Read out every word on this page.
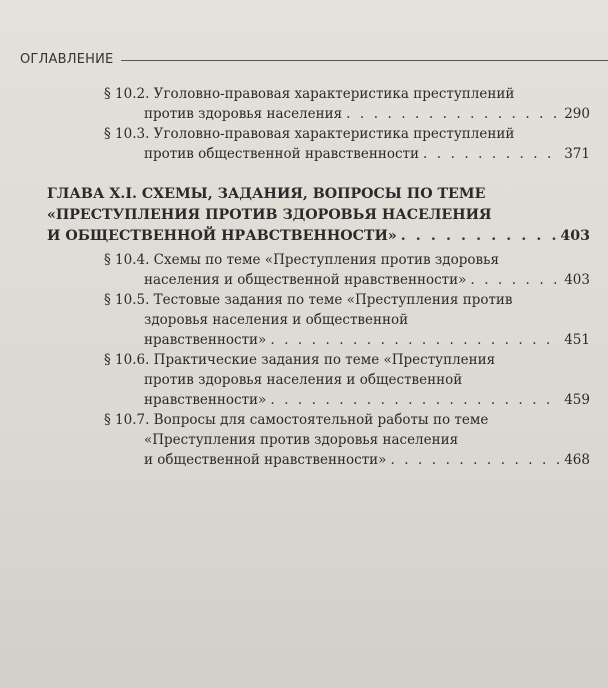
ОГЛАВЛЕНИЕ
§ 10.2. Уголовно-правовая характеристика преступлений
против здоровья населения . . .	290
§ 10.3. Уголовно-правовая характеристика преступлений
против общественной нравственности . . .	371
ГЛАВА X.I. СХЕМЫ, ЗАДАНИЯ, ВОПРОСЫ ПО ТЕМЕ
«ПРЕСТУПЛЕНИЯ ПРОТИВ ЗДОРОВЬЯ НАСЕЛЕНИЯ
И ОБЩЕСТВЕННОЙ НРАВСТВЕННОСТИ» . . .	403
§ 10.4. Схемы по теме «Преступления против здоровья
населения и общественной нравственности» . . .	403
§ 10.5. Тестовые задания по теме «Преступления против
здоровья населения и общественной
нравственности» . . .	451
§ 10.6. Практические задания по теме «Преступления
против здоровья населения и общественной
нравственности» . . .	459
§ 10.7. Вопросы для самостоятельной работы по теме
«Преступления против здоровья населения
и общественной нравственности» . . .	468
